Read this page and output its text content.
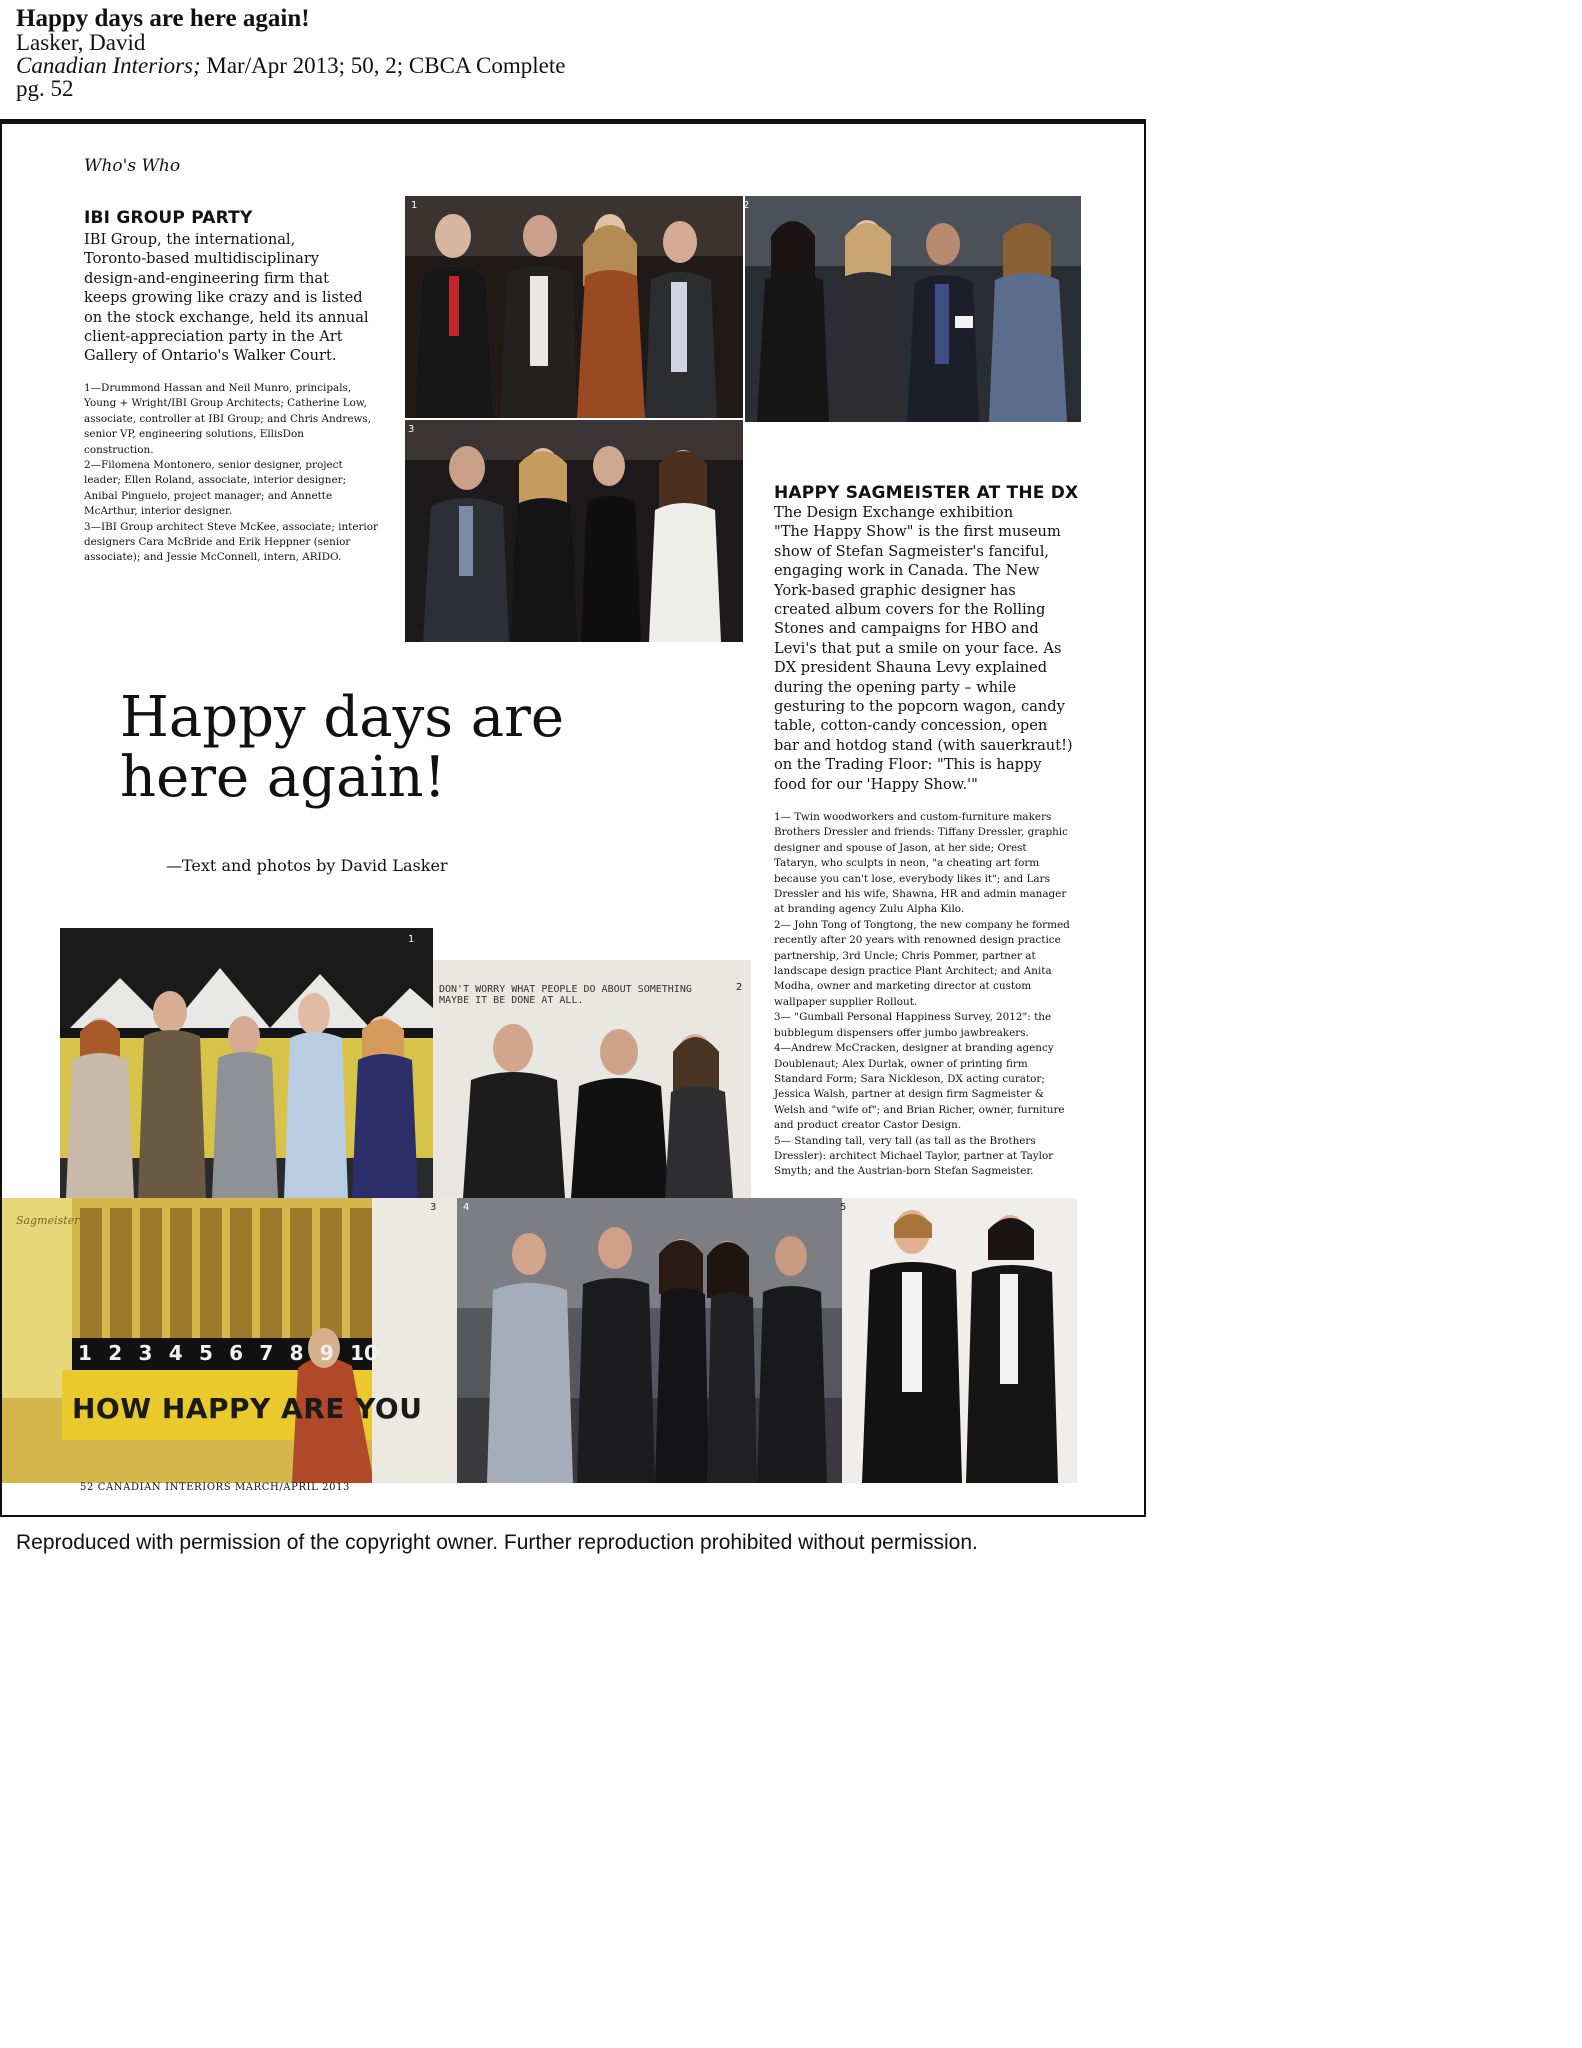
Happy days are here again!
Lasker, David
Canadian Interiors; Mar/Apr 2013; 50, 2; CBCA Complete
pg. 52
Who's Who
IBI GROUP PARTY
IBI Group, the international,
Toronto-based multidisciplinary
design-and-engineering firm that
keeps growing like crazy and is listed
on the stock exchange, held its annual
client-appreciation party in the Art
Gallery of Ontario's Walker Court.
1—Drummond Hassan and Neil Munro, principals,
Young + Wright/IBI Group Architects; Catherine Low,
associate, controller at IBI Group; and Chris Andrews,
senior VP, engineering solutions, EllisDon
construction.
2—Filomena Montonero, senior designer, project
leader; Ellen Roland, associate, interior designer;
Anibal Pinguelo, project manager; and Annette
McArthur, interior designer.
3—IBI Group architect Steve McKee, associate; interior
designers Cara McBride and Erik Heppner (senior
associate); and Jessie McConnell, intern, ARIDO.
1	2
3
HAPPY SAGMEISTER AT THE DX
The Design Exchange exhibition
"The Happy Show" is the first museum
show of Stefan Sagmeister's fanciful,
engaging work in Canada. The New
York-based graphic designer has
created album covers for the Rolling
Stones and campaigns for HBO and
Levi's that put a smile on your face. As
DX president Shauna Levy explained
during the opening party – while
gesturing to the popcorn wagon, candy
table, cotton-candy concession, open
bar and hotdog stand (with sauerkraut!)
on the Trading Floor: "This is happy
food for our 'Happy Show.'"
1— Twin woodworkers and custom-furniture makers
Brothers Dressler and friends: Tiffany Dressler, graphic
designer and spouse of Jason, at her side; Orest
Tataryn, who sculpts in neon, "a cheating art form
because you can't lose, everybody likes it"; and Lars
Dressler and his wife, Shawna, HR and admin manager
at branding agency Zulu Alpha Kilo.
2— John Tong of Tongtong, the new company he formed
recently after 20 years with renowned design practice
partnership, 3rd Uncle; Chris Pommer, partner at
landscape design practice Plant Architect; and Anita
Modha, owner and marketing director at custom
wallpaper supplier Rollout.
3— "Gumball Personal Happiness Survey, 2012": the
bubblegum dispensers offer jumbo jawbreakers.
4—Andrew McCracken, designer at branding agency
Doublenaut; Alex Durlak, owner of printing firm
Standard Form; Sara Nickleson, DX acting curator;
Jessica Walsh, partner at design firm Sagmeister &
Welsh and "wife of"; and Brian Richer, owner, furniture
and product creator Castor Design.
5— Standing tall, very tall (as tall as the Brothers
Dressler): architect Michael Taylor, partner at Taylor
Smyth; and the Austrian-born Stefan Sagmeister.
Happy days are
here again!
—Text and photos by David Lasker
1
DON'T WORRY WHAT PEOPLE DO ABOUT SOMETHING
MAYBE IT BE DONE AT ALL.
2
Sagmeister
1 2 3 4 5 6 7 8 9 10
HOW HAPPY ARE YOU
3	4	5
52 CANADIAN INTERIORS MARCH/APRIL 2013
Reproduced with permission of the copyright owner. Further reproduction prohibited without permission.
